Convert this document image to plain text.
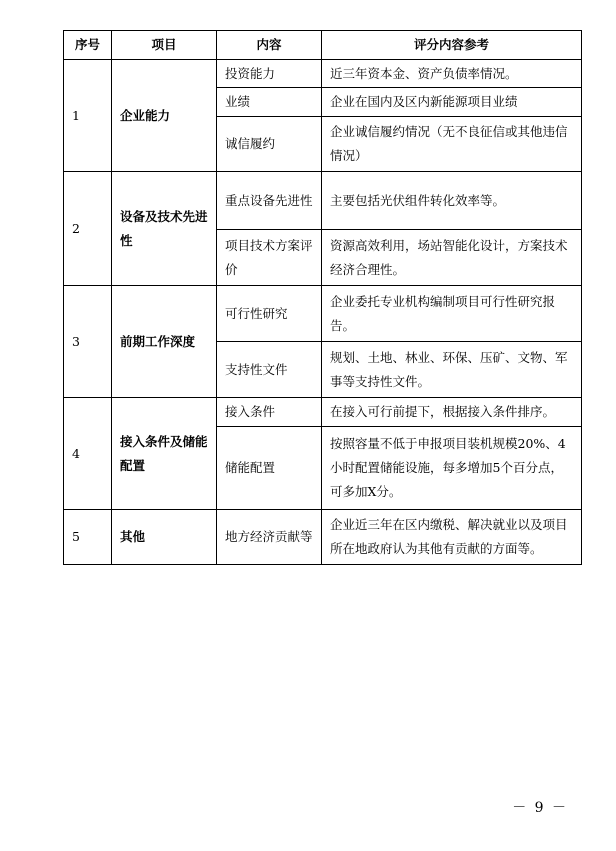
序号	项目	内容	评分内容参考
1	企业能力	投资能力	近三年资本金、资产负债率情况。
		业绩	企业在国内及区内新能源项目业绩
		诚信履约	企业诚信履约情况（无不良征信或其他违信情况）
2	设备及技术先进性	重点设备先进性	主要包括光伏组件转化效率等。
		项目技术方案评价	资源高效利用，场站智能化设计，方案技术经济合理性。
3	前期工作深度	可行性研究	企业委托专业机构编制项目可行性研究报告。
		支持性文件	规划、土地、林业、环保、压矿、文物、军事等支持性文件。
4	接入条件及储能配置	接入条件	在接入可行前提下，根据接入条件排序。
		储能配置	按照容量不低于申报项目装机规模20%、4小时配置储能设施，每多增加5个百分点，可多加X分。
5	其他	地方经济贡献等	企业近三年在区内缴税、解决就业以及项目所在地政府认为其他有贡献的方面等。
－ 9 －
